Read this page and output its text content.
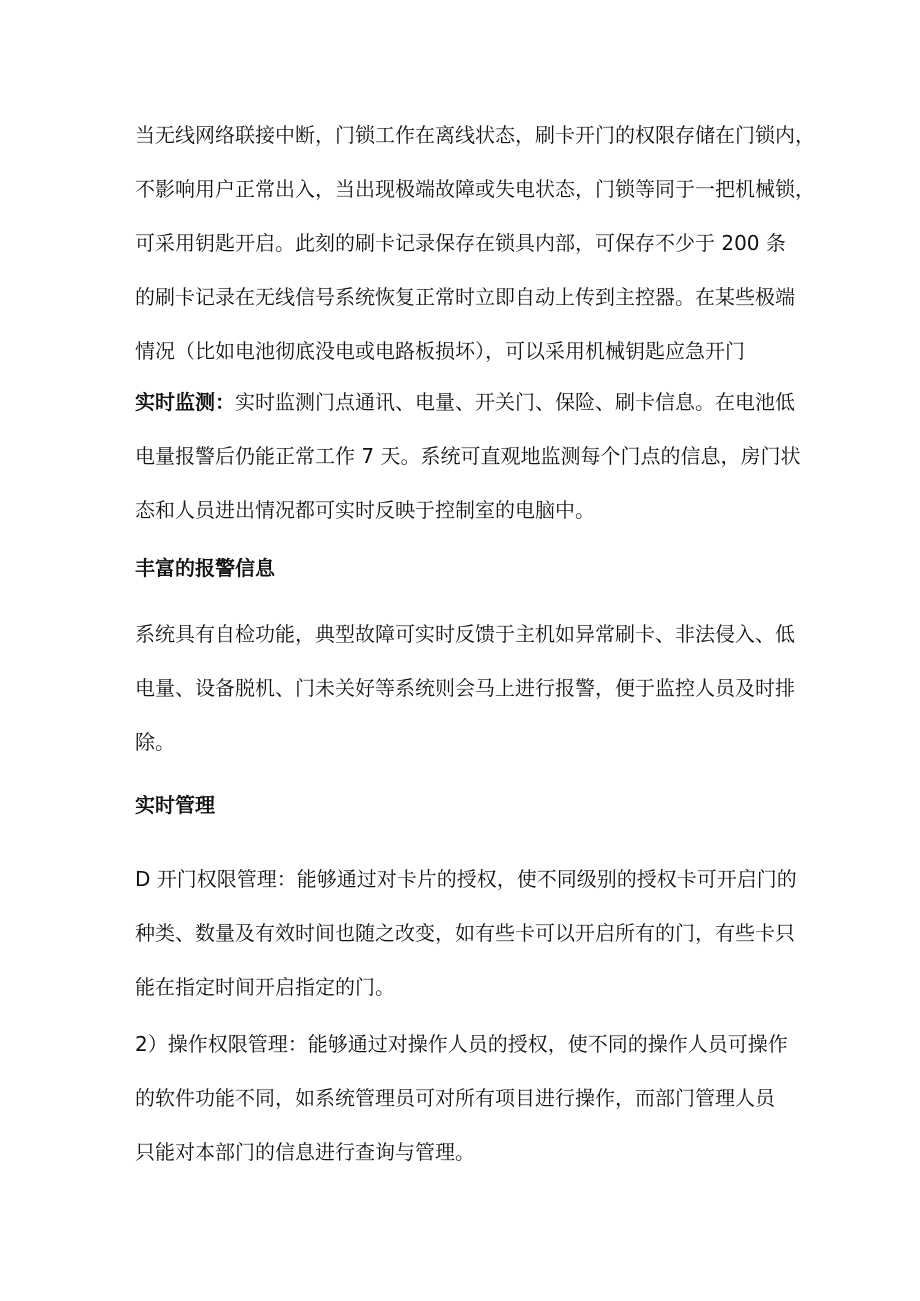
当无线网络联接中断，门锁工作在离线状态，刷卡开门的权限存储在门锁内，
不影响用户正常出入，当出现极端故障或失电状态，门锁等同于一把机械锁，
可采用钥匙开启。此刻的刷卡记录保存在锁具内部，可保存不少于 200 条
的刷卡记录在无线信号系统恢复正常时立即自动上传到主控器。在某些极端
情况（比如电池彻底没电或电路板损坏），可以采用机械钥匙应急开门

实时监测：实时监测门点通讯、电量、开关门、保险、刷卡信息。在电池低
电量报警后仍能正常工作 7 天。系统可直观地监测每个门点的信息，房门状
态和人员进出情况都可实时反映于控制室的电脑中。

丰富的报警信息

系统具有自检功能，典型故障可实时反馈于主机如异常刷卡、非法侵入、低
电量、设备脱机、门未关好等系统则会马上进行报警，便于监控人员及时排
除。

实时管理

D 开门权限管理：能够通过对卡片的授权，使不同级别的授权卡可开启门的
种类、数量及有效时间也随之改变，如有些卡可以开启所有的门，有些卡只
能在指定时间开启指定的门。

2）操作权限管理：能够通过对操作人员的授权，使不同的操作人员可操作
的软件功能不同，如系统管理员可对所有项目进行操作，而部门管理人员
只能对本部门的信息进行查询与管理。
